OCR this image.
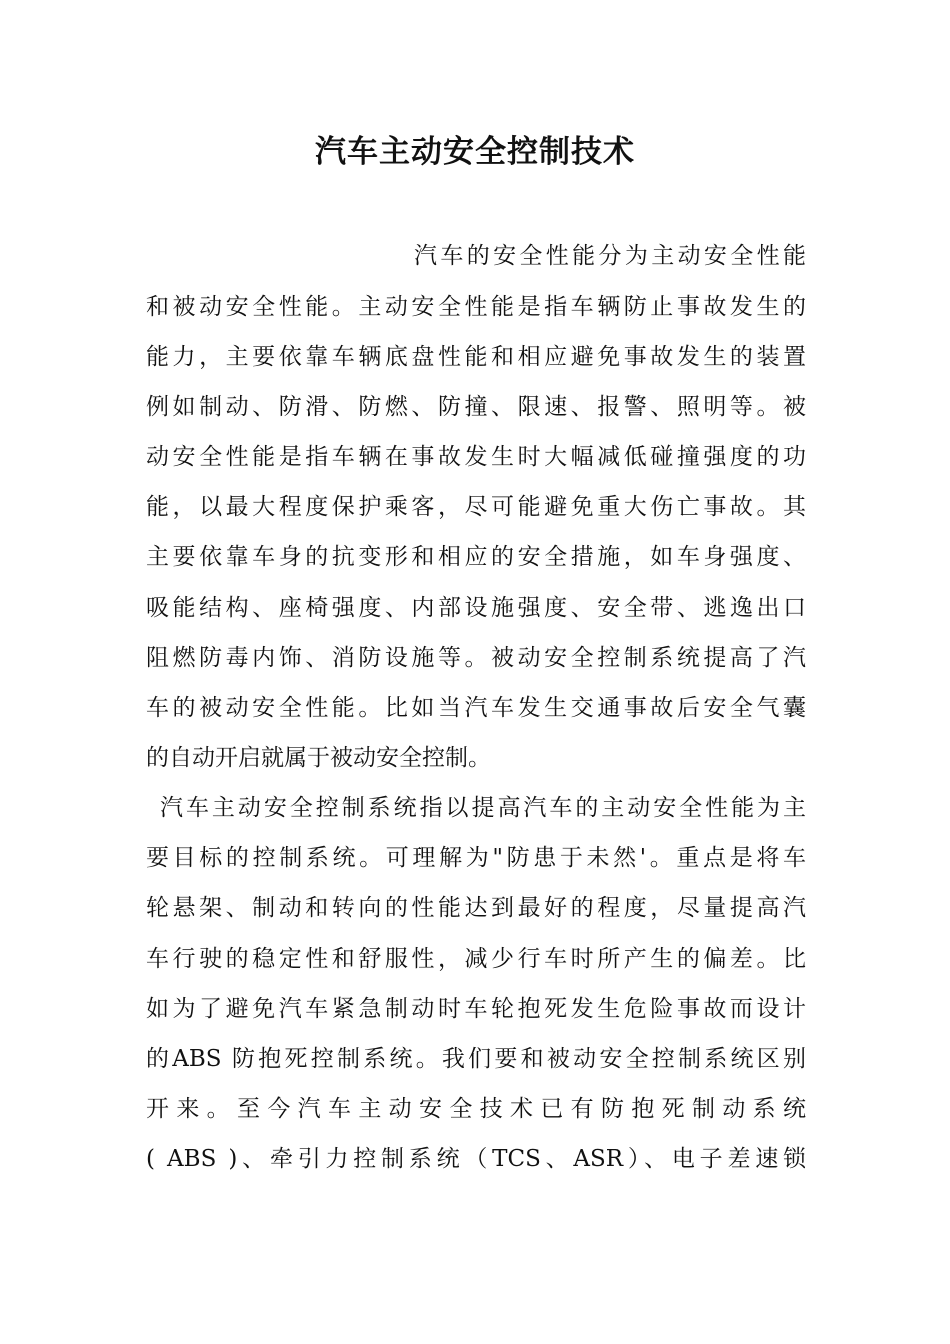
汽车主动安全控制技术

汽车的安全性能分为主动安全性能

和被动安全性能。主动安全性能是指车辆防止事故发生的

能力，主要依靠车辆底盘性能和相应避免事故发生的装置

例如制动、防滑、防燃、防撞、限速、报警、照明等。被

动安全性能是指车辆在事故发生时大幅减低碰撞强度的功

能，以最大程度保护乘客，尽可能避免重大伤亡事故。其

主要依靠车身的抗变形和相应的安全措施，如车身强度、

吸能结构、座椅强度、内部设施强度、安全带、逃逸出口

阻燃防毒内饰、消防设施等。被动安全控制系统提高了汽

车的被动安全性能。比如当汽车发生交通事故后安全气囊

的自动开启就属于被动安全控制。

汽车主动安全控制系统指以提高汽车的主动安全性能为主

要目标的控制系统。可理解为"防患于未然'。重点是将车

轮悬架、制动和转向的性能达到最好的程度，尽量提高汽

车行驶的稳定性和舒服性，减少行车时所产生的偏差。比

如为了避免汽车紧急制动时车轮抱死发生危险事故而设计

的ABS 防抱死控制系统。我们要和被动安全控制系统区别

开来。至今汽车主动安全技术已有防抱死制动系统

( ABS )、牵引力控制系统（TCS、ASR）、电子差速锁
